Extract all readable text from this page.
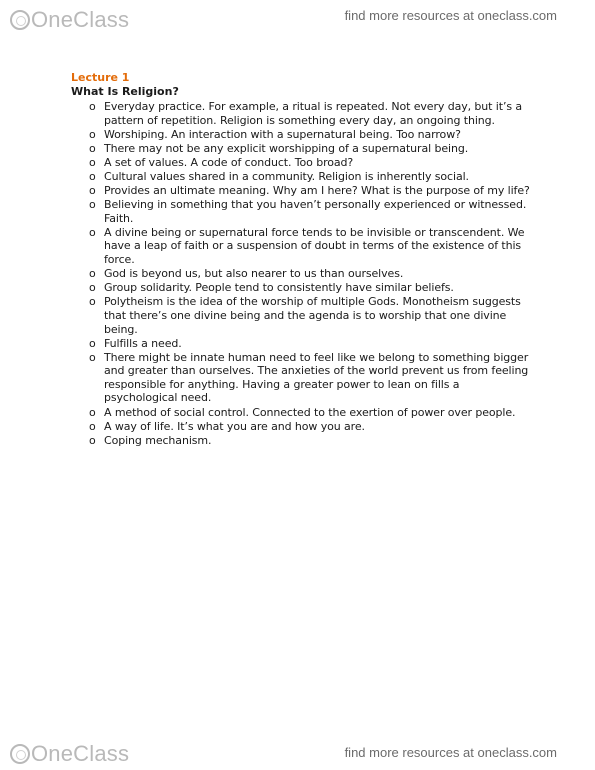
OneClass	find more resources at oneclass.com
Lecture 1
What Is Religion?
o Everyday practice. For example, a ritual is repeated. Not every day, but it’s a pattern of repetition. Religion is something every day, an ongoing thing.
o Worshiping. An interaction with a supernatural being. Too narrow?
o There may not be any explicit worshipping of a supernatural being.
o A set of values. A code of conduct. Too broad?
o Cultural values shared in a community. Religion is inherently social.
o Provides an ultimate meaning. Why am I here? What is the purpose of my life?
o Believing in something that you haven’t personally experienced or witnessed. Faith.
o A divine being or supernatural force tends to be invisible or transcendent. We have a leap of faith or a suspension of doubt in terms of the existence of this force.
o God is beyond us, but also nearer to us than ourselves.
o Group solidarity. People tend to consistently have similar beliefs.
o Polytheism is the idea of the worship of multiple Gods. Monotheism suggests that there’s one divine being and the agenda is to worship that one divine being.
o Fulfills a need.
o There might be innate human need to feel like we belong to something bigger and greater than ourselves. The anxieties of the world prevent us from feeling responsible for anything. Having a greater power to lean on fills a psychological need.
o A method of social control. Connected to the exertion of power over people.
o A way of life. It’s what you are and how you are.
o Coping mechanism.
OneClass	find more resources at oneclass.com
